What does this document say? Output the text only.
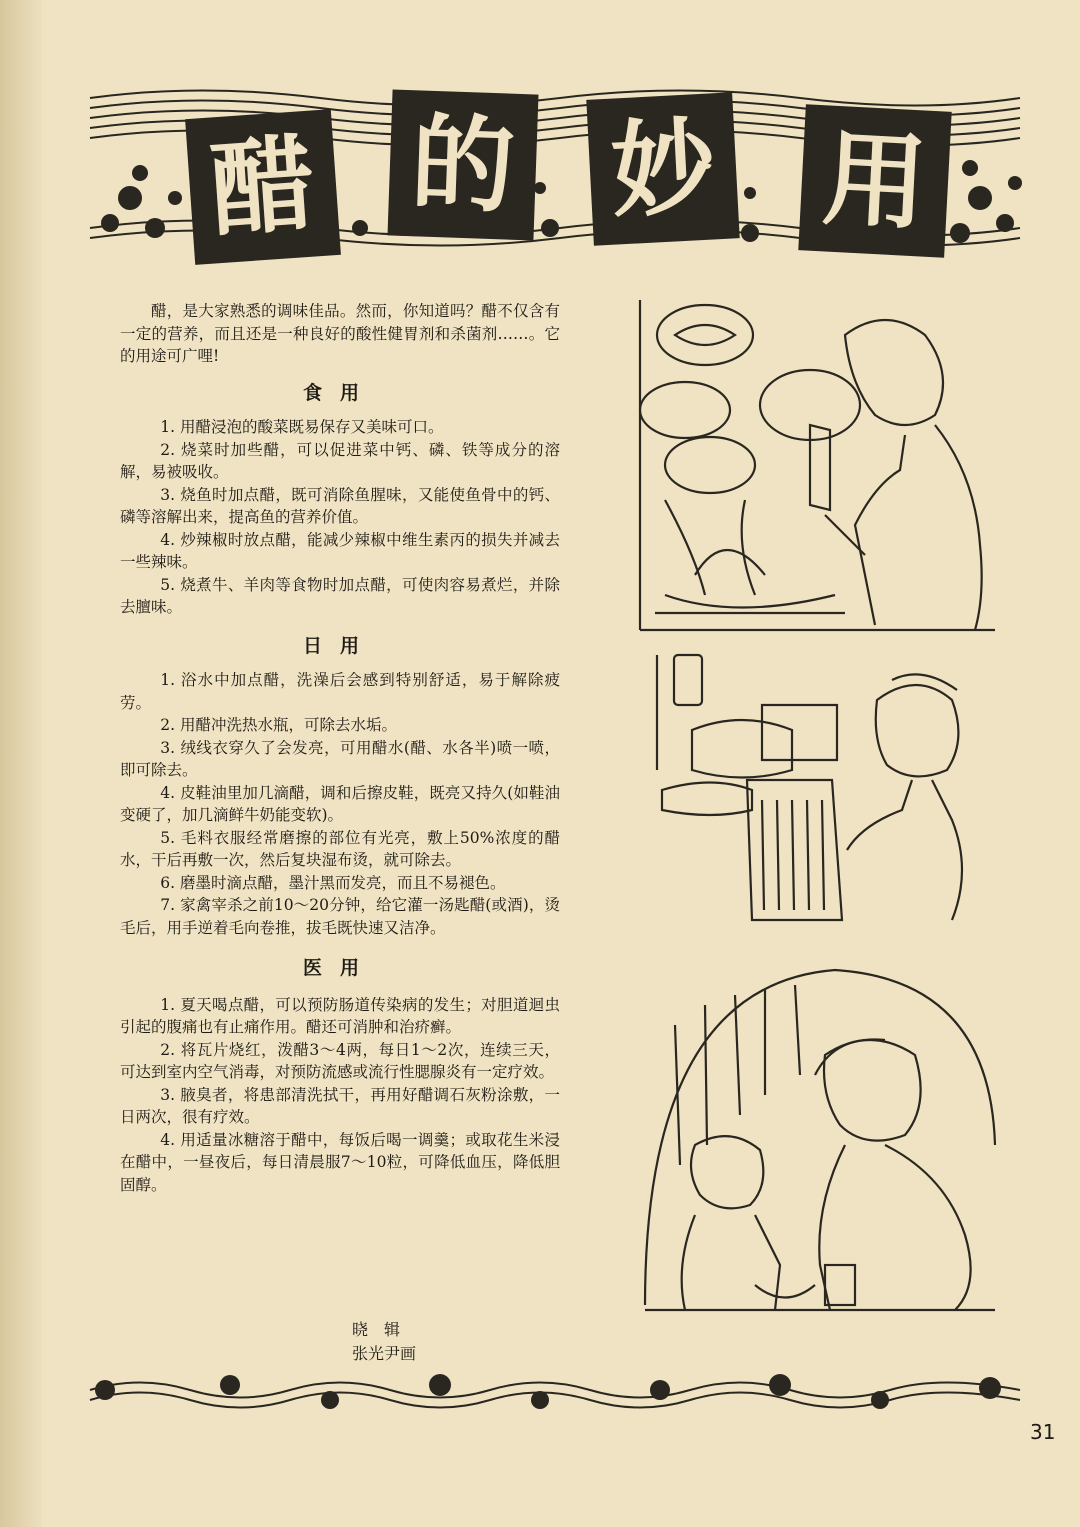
醋 的 妙 用

醋，是大家熟悉的调味佳品。然而，你知道吗？醋不仅含有一定的营养，而且还是一种良好的酸性健胃剂和杀菌剂……。它的用途可广哩!

食用

1. 用醋浸泡的酸菜既易保存又美味可口。

2. 烧菜时加些醋，可以促进菜中钙、磷、铁等成分的溶解，易被吸收。

3. 烧鱼时加点醋，既可消除鱼腥味，又能使鱼骨中的钙、磷等溶解出来，提高鱼的营养价值。

4. 炒辣椒时放点醋，能减少辣椒中维生素丙的损失并减去一些辣味。

5. 烧煮牛、羊肉等食物时加点醋，可使肉容易煮烂，并除去膻味。

日用

1. 浴水中加点醋，洗澡后会感到特别舒适，易于解除疲劳。

2. 用醋冲洗热水瓶，可除去水垢。

3. 绒线衣穿久了会发亮，可用醋水(醋、水各半)喷一喷，即可除去。

4. 皮鞋油里加几滴醋，调和后擦皮鞋，既亮又持久(如鞋油变硬了，加几滴鲜牛奶能变软)。

5. 毛料衣服经常磨擦的部位有光亮，敷上50%浓度的醋水，干后再敷一次，然后复块湿布烫，就可除去。

6. 磨墨时滴点醋，墨汁黑而发亮，而且不易褪色。

7. 家禽宰杀之前10～20分钟，给它灌一汤匙醋(或酒)，烫毛后，用手逆着毛向卷推，拔毛既快速又洁净。

医用

1. 夏天喝点醋，可以预防肠道传染病的发生；对胆道迴虫引起的腹痛也有止痛作用。醋还可消肿和治疥癣。

2. 将瓦片烧红，泼醋3～4两，每日1～2次，连续三天，可达到室内空气消毒，对预防流感或流行性腮腺炎有一定疗效。

3. 腋臭者，将患部清洗拭干，再用好醋调石灰粉涂敷，一日两次，很有疗效。

4. 用适量冰糖溶于醋中，每饭后喝一调羹；或取花生米浸在醋中，一昼夜后，每日清晨服7～10粒，可降低血压，降低胆固醇。

晓　辑
张光尹画
31
